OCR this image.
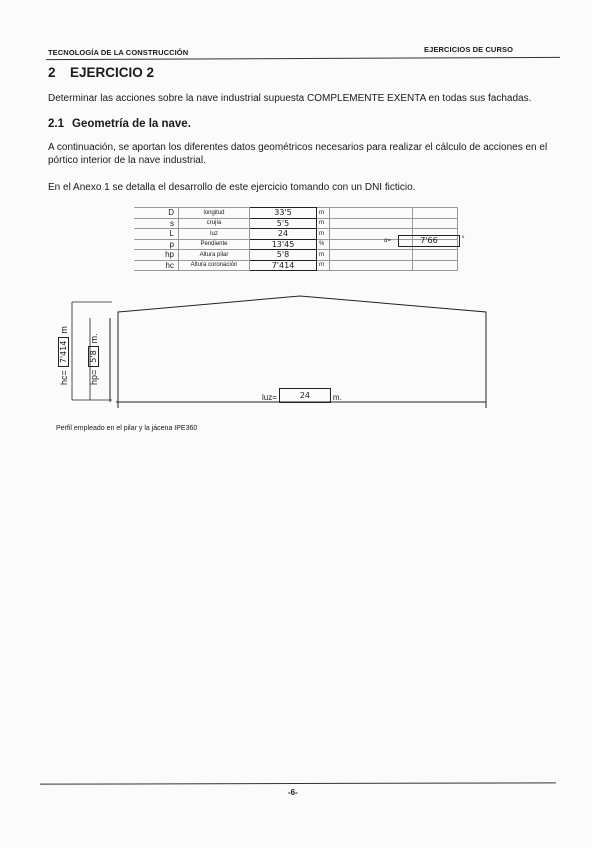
TECNOLOGÍA DE LA CONSTRUCCIÓN	EJERCICIOS DE CURSO
2 EJERCICIO 2

Determinar las acciones sobre la nave industrial supuesta COMPLEMENTE EXENTA en todas sus fachadas.

2.1 Geometría de la nave.

A continuación, se aportan los diferentes datos geométricos necesarios para realizar el cálculo de acciones en el pórtico interior de la nave industrial.

En el Anexo 1 se detalla el desarrollo de este ejercicio tomando con un DNI ficticio.

D	longitud	33'5	m		
s	crujía	5'5	m		
L	luz	24	m		
p	Pendiente	13'45	%		
hp	Altura pilar	5'8	m		
hc	Altura coronación	7'414	m		
α=	7'66	º
hc=
7'414
m
hp=
5'8
m.
luz=	24	m.
Perfil empleado en el pilar y la jácena IPE360
-6-
